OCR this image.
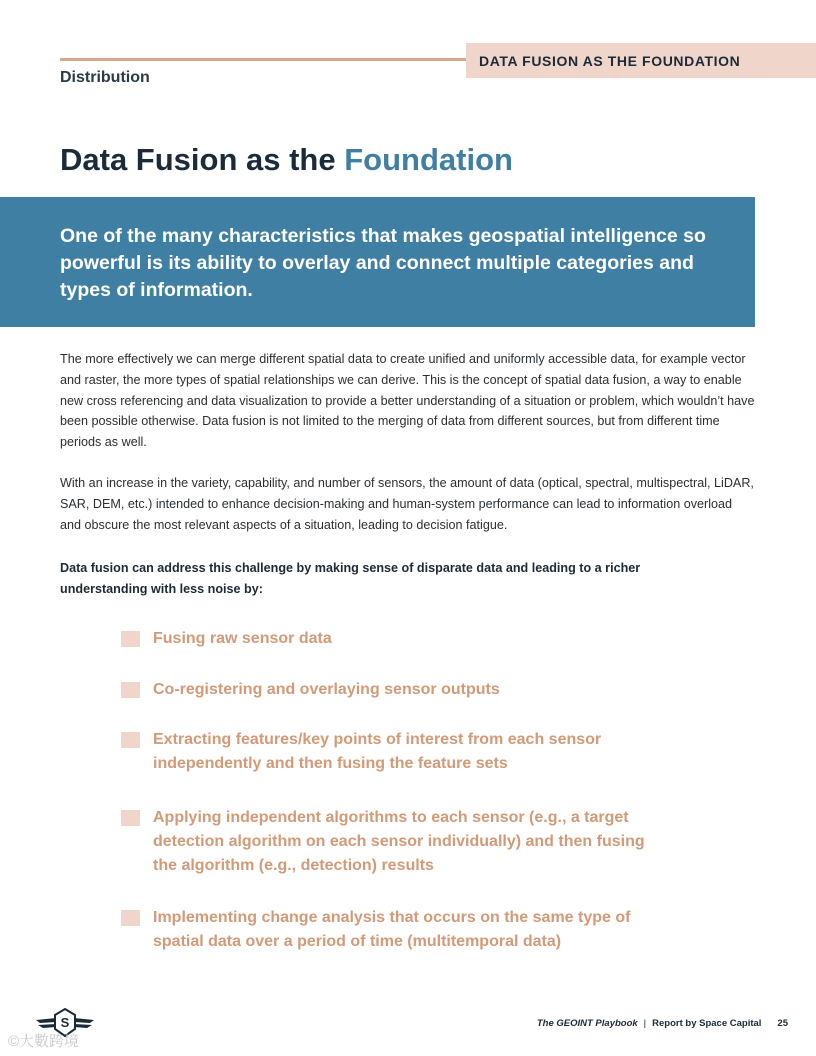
DATA FUSION AS THE FOUNDATION
Distribution
Data Fusion as the Foundation
One of the many characteristics that makes geospatial intelligence so powerful is its ability to overlay and connect multiple categories and types of information.

The more effectively we can merge different spatial data to create unified and uniformly accessible data, for example vector and raster, the more types of spatial relationships we can derive. This is the concept of spatial data fusion, a way to enable new cross referencing and data visualization to provide a better understanding of a situation or problem, which wouldn’t have been possible otherwise. Data fusion is not limited to the merging of data from different sources, but from different time periods as well.

With an increase in the variety, capability, and number of sensors, the amount of data (optical, spectral, multispectral, LiDAR, SAR, DEM, etc.) intended to enhance decision-making and human-system performance can lead to information overload and obscure the most relevant aspects of a situation, leading to decision fatigue.

Data fusion can address this challenge by making sense of disparate data and leading to a richer understanding with less noise by:

Fusing raw sensor data
Co-registering and overlaying sensor outputs
Extracting features/key points of interest from each sensor independently and then fusing the feature sets
Applying independent algorithms to each sensor (e.g., a target detection algorithm on each sensor individually) and then fusing the algorithm (e.g., detection) results
Implementing change analysis that occurs on the same type of spatial data over a period of time (multitemporal data)
S
©大數跨境
The GEOINT Playbook | Report by Space Capital 25
